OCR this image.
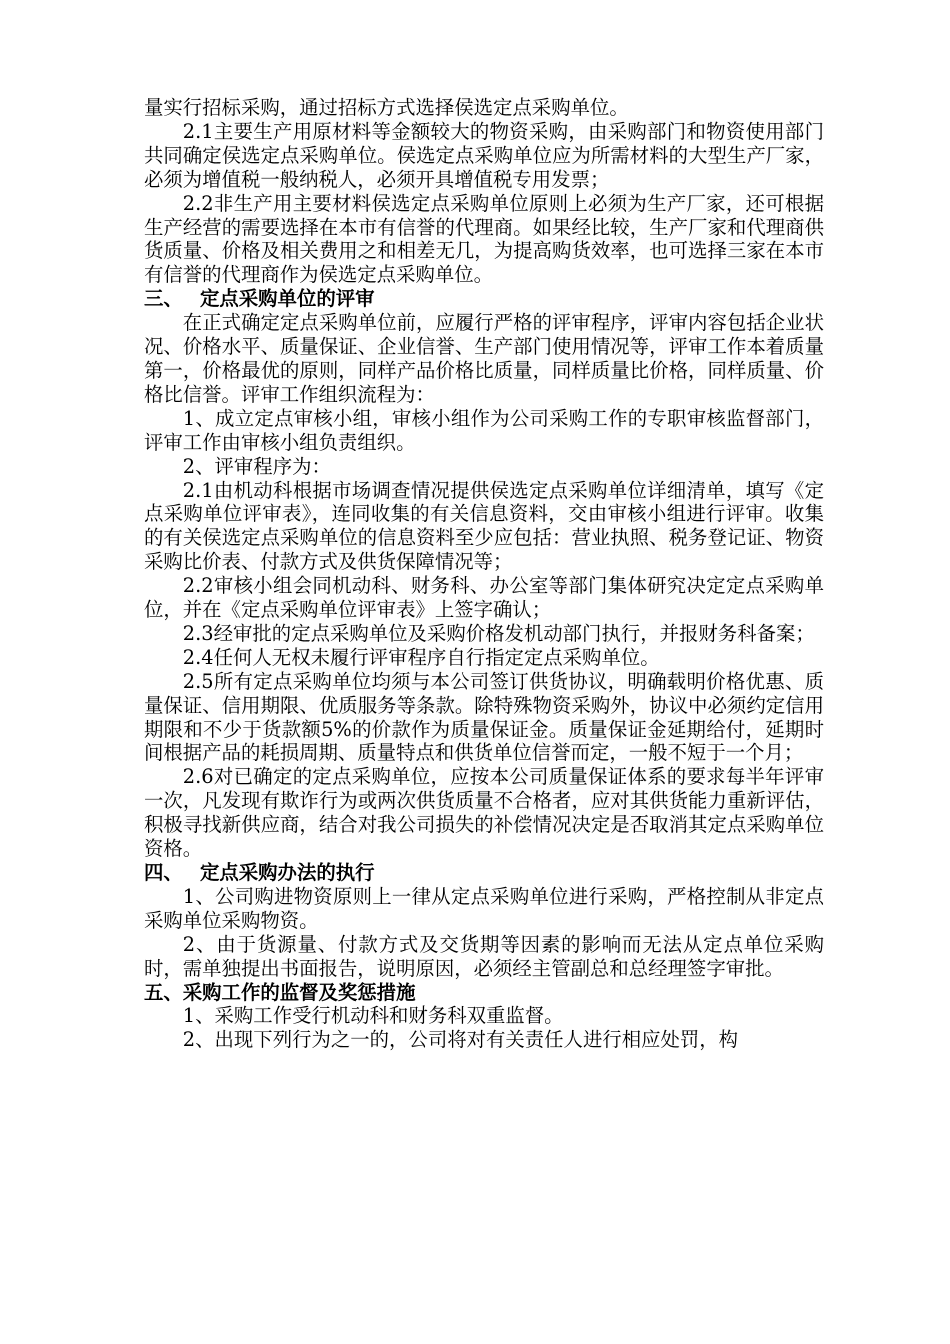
量实行招标采购，通过招标方式选择侯选定点采购单位。

2.1主要生产用原材料等金额较大的物资采购，由采购部门和物资使用部门共同确定侯选定点采购单位。侯选定点采购单位应为所需材料的大型生产厂家，必须为增值税一般纳税人，必须开具增值税专用发票；

2.2非生产用主要材料侯选定点采购单位原则上必须为生产厂家，还可根据生产经营的需要选择在本市有信誉的代理商。如果经比较，生产厂家和代理商供货质量、价格及相关费用之和相差无几，为提高购货效率，也可选择三家在本市有信誉的代理商作为侯选定点采购单位。

三、 定点采购单位的评审

在正式确定定点采购单位前，应履行严格的评审程序，评审内容包括企业状况、价格水平、质量保证、企业信誉、生产部门使用情况等，评审工作本着质量第一，价格最优的原则，同样产品价格比质量，同样质量比价格，同样质量、价格比信誉。评审工作组织流程为：

1、成立定点审核小组，审核小组作为公司采购工作的专职审核监督部门，评审工作由审核小组负责组织。

2、评审程序为：

2.1由机动科根据市场调查情况提供侯选定点采购单位详细清单，填写《定点采购单位评审表》，连同收集的有关信息资料，交由审核小组进行评审。收集的有关侯选定点采购单位的信息资料至少应包括：营业执照、税务登记证、物资采购比价表、付款方式及供货保障情况等；

2.2审核小组会同机动科、财务科、办公室等部门集体研究决定定点采购单位，并在《定点采购单位评审表》上签字确认；

2.3经审批的定点采购单位及采购价格发机动部门执行，并报财务科备案；

2.4任何人无权未履行评审程序自行指定定点采购单位。

2.5所有定点采购单位均须与本公司签订供货协议，明确载明价格优惠、质量保证、信用期限、优质服务等条款。除特殊物资采购外，协议中必须约定信用期限和不少于货款额5%的价款作为质量保证金。质量保证金延期给付，延期时间根据产品的耗损周期、质量特点和供货单位信誉而定，一般不短于一个月；

2.6对已确定的定点采购单位，应按本公司质量保证体系的要求每半年评审一次，凡发现有欺诈行为或两次供货质量不合格者，应对其供货能力重新评估，积极寻找新供应商，结合对我公司损失的补偿情况决定是否取消其定点采购单位资格。

四、 定点采购办法的执行

1、公司购进物资原则上一律从定点采购单位进行采购，严格控制从非定点采购单位采购物资。

2、由于货源量、付款方式及交货期等因素的影响而无法从定点单位采购时，需单独提出书面报告，说明原因，必须经主管副总和总经理签字审批。

五、采购工作的监督及奖惩措施

1、采购工作受行机动科和财务科双重监督。

2、出现下列行为之一的，公司将对有关责任人进行相应处罚，构
